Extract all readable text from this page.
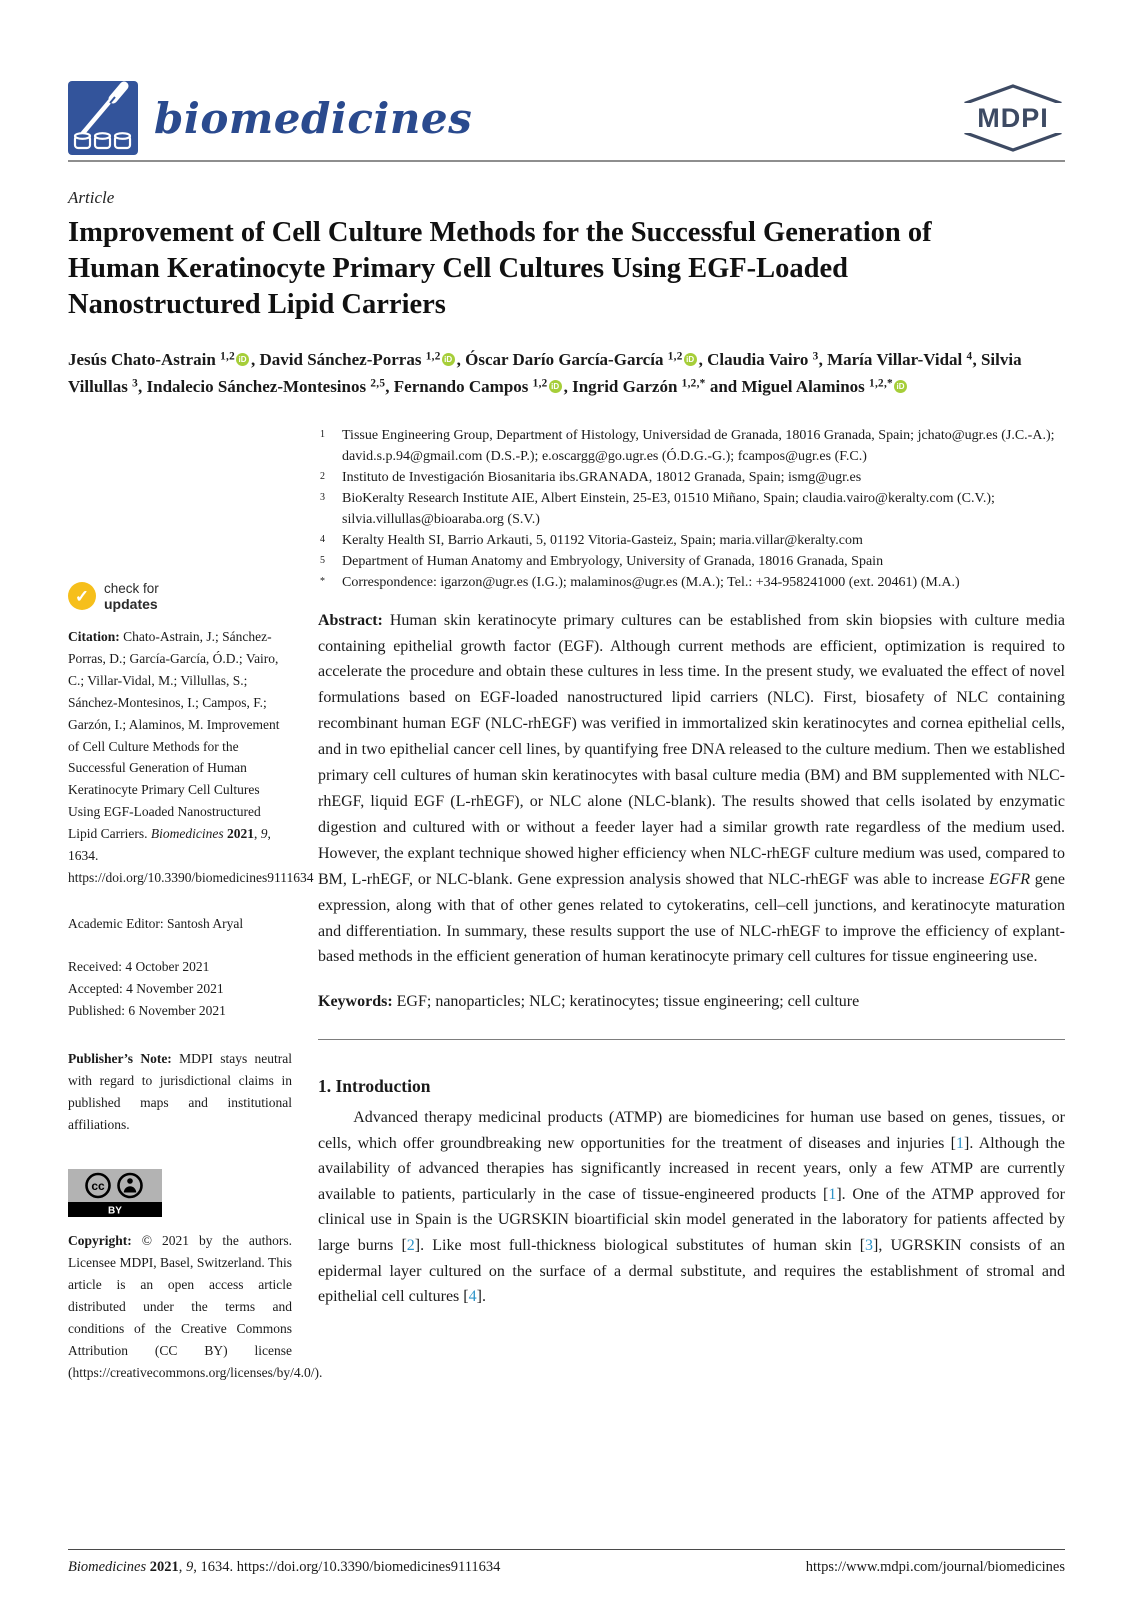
biomedicines	MDPI
Article
Improvement of Cell Culture Methods for the Successful Generation of Human Keratinocyte Primary Cell Cultures Using EGF-Loaded Nanostructured Lipid Carriers
Jesús Chato-Astrain $^{1,2}$ iD , David Sánchez-Porras $^{1,2}$ iD , Óscar Darío García-García $^{1,2}$ iD , Claudia Vairo $^3$, María Villar-Vidal $^4$, Silvia Villullas $^3$, Indalecio Sánchez-Montesinos $^{2,5}$, Fernando Campos $^{1,2}$ iD , Ingrid Garzón $^{1,2,*}$ and Miguel Alaminos $^{1,2,*}$ iD
✓	check for
updates
Citation: Chato-Astrain, J.; Sánchez-Porras, D.; García-García, Ó.D.; Vairo, C.; Villar-Vidal, M.; Villullas, S.; Sánchez-Montesinos, I.; Campos, F.; Garzón, I.; Alaminos, M. Improvement of Cell Culture Methods for the Successful Generation of Human Keratinocyte Primary Cell Cultures Using EGF-Loaded Nanostructured Lipid Carriers. Biomedicines 2021, 9, 1634. https://doi.org/10.3390/biomedicines9111634
Academic Editor: Santosh Aryal
Received: 4 October 2021
Accepted: 4 November 2021
Published: 6 November 2021
Publisher’s Note: MDPI stays neutral with regard to jurisdictional claims in published maps and institutional affiliations.
cc
BY
Copyright: © 2021 by the authors. Licensee MDPI, Basel, Switzerland. This article is an open access article distributed under the terms and conditions of the Creative Commons Attribution (CC BY) license (https://creativecommons.org/licenses/by/4.0/).
1	Tissue Engineering Group, Department of Histology, Universidad de Granada, 18016 Granada, Spain; jchato@ugr.es (J.C.-A.); david.s.p.94@gmail.com (D.S.-P.); e.oscargg@go.ugr.es (Ó.D.G.-G.); fcampos@ugr.es (F.C.)
2	Instituto de Investigación Biosanitaria ibs.GRANADA, 18012 Granada, Spain; ismg@ugr.es
3	BioKeralty Research Institute AIE, Albert Einstein, 25-E3, 01510 Miñano, Spain; claudia.vairo@keralty.com (C.V.); silvia.villullas@bioaraba.org (S.V.)
4	Keralty Health SI, Barrio Arkauti, 5, 01192 Vitoria-Gasteiz, Spain; maria.villar@keralty.com
5	Department of Human Anatomy and Embryology, University of Granada, 18016 Granada, Spain
*	Correspondence: igarzon@ugr.es (I.G.); malaminos@ugr.es (M.A.); Tel.: +34-958241000 (ext. 20461) (M.A.)

Abstract: Human skin keratinocyte primary cultures can be established from skin biopsies with culture media containing epithelial growth factor (EGF). Although current methods are efficient, optimization is required to accelerate the procedure and obtain these cultures in less time. In the present study, we evaluated the effect of novel formulations based on EGF-loaded nanostructured lipid carriers (NLC). First, biosafety of NLC containing recombinant human EGF (NLC-rhEGF) was verified in immortalized skin keratinocytes and cornea epithelial cells, and in two epithelial cancer cell lines, by quantifying free DNA released to the culture medium. Then we established primary cell cultures of human skin keratinocytes with basal culture media (BM) and BM supplemented with NLC-rhEGF, liquid EGF (L-rhEGF), or NLC alone (NLC-blank). The results showed that cells isolated by enzymatic digestion and cultured with or without a feeder layer had a similar growth rate regardless of the medium used. However, the explant technique showed higher efficiency when NLC-rhEGF culture medium was used, compared to BM, L-rhEGF, or NLC-blank. Gene expression analysis showed that NLC-rhEGF was able to increase EGFR gene expression, along with that of other genes related to cytokeratins, cell–cell junctions, and keratinocyte maturation and differentiation. In summary, these results support the use of NLC-rhEGF to improve the efficiency of explant-based methods in the efficient generation of human keratinocyte primary cell cultures for tissue engineering use.

Keywords: EGF; nanoparticles; NLC; keratinocytes; tissue engineering; cell culture

1. Introduction

Advanced therapy medicinal products (ATMP) are biomedicines for human use based on genes, tissues, or cells, which offer groundbreaking new opportunities for the treatment of diseases and injuries [1]. Although the availability of advanced therapies has significantly increased in recent years, only a few ATMP are currently available to patients, particularly in the case of tissue-engineered products [1]. One of the ATMP approved for clinical use in Spain is the UGRSKIN bioartificial skin model generated in the laboratory for patients affected by large burns [2]. Like most full-thickness biological substitutes of human skin [3], UGRSKIN consists of an epidermal layer cultured on the surface of a dermal substitute, and requires the establishment of stromal and epithelial cell cultures [4].

Biomedicines 2021, 9, 1634. https://doi.org/10.3390/biomedicines9111634	https://www.mdpi.com/journal/biomedicines
